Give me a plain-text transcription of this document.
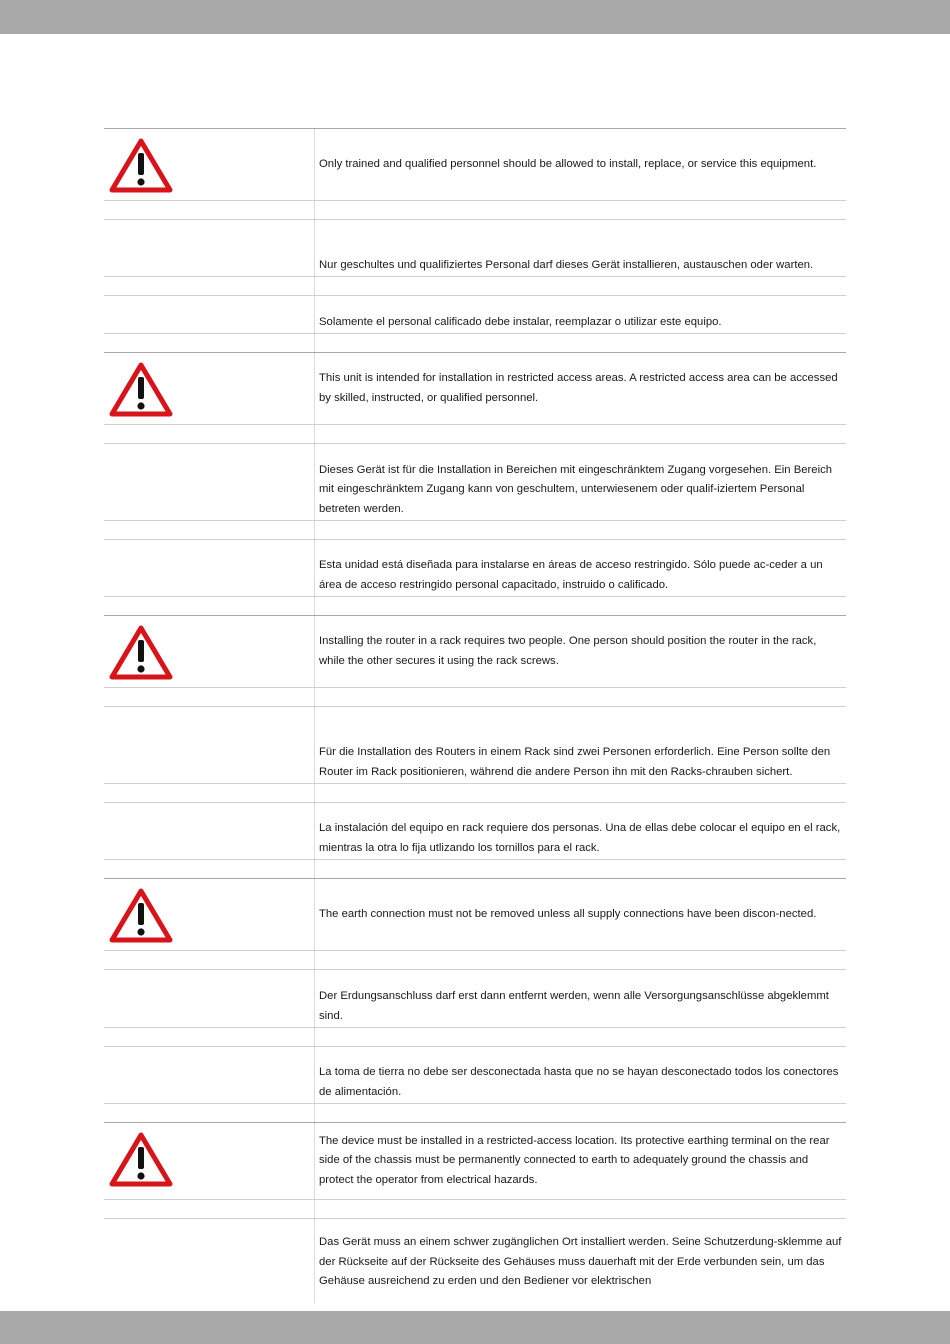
Only trained and qualified personnel should be allowed to install, replace, or service this equipment.
Nur geschultes und qualifiziertes Personal darf dieses Gerät installieren, austauschen oder warten.
Solamente el personal calificado debe instalar, reemplazar o utilizar este equipo.
This unit is intended for installation in restricted access areas. A restricted access area can be accessed by skilled, instructed, or qualified personnel.
Dieses Gerät ist für die Installation in Bereichen mit eingeschränktem Zugang vorgesehen. Ein Bereich mit eingeschränktem Zugang kann von geschultem, unterwiesenem oder qualif-iziertem Personal betreten werden.
Esta unidad está diseñada para instalarse en áreas de acceso restringido. Sólo puede ac-ceder a un área de acceso restringido personal capacitado, instruido o calificado.
Installing the router in a rack requires two people. One person should position the router in the rack, while the other secures it using the rack screws.
Für die Installation des Routers in einem Rack sind zwei Personen erforderlich. Eine Person sollte den Router im Rack positionieren, während die andere Person ihn mit den Racks-chrauben sichert.
La instalación del equipo en rack requiere dos personas. Una de ellas debe colocar el equipo en el rack, mientras la otra lo fija utlizando los tornillos para el rack.
The earth connection must not be removed unless all supply connections have been discon-nected.
Der Erdungsanschluss darf erst dann entfernt werden, wenn alle Versorgungsanschlüsse abgeklemmt sind.
La toma de tierra no debe ser desconectada hasta que no se hayan desconectado todos los conectores de alimentación.
The device must be installed in a restricted-access location. Its protective earthing terminal on the rear side of the chassis must be permanently connected to earth to adequately ground the chassis and protect the operator from electrical hazards.
Das Gerät muss an einem schwer zugänglichen Ort installiert werden. Seine Schutzerdung-sklemme auf der Rückseite auf der Rückseite des Gehäuses muss dauerhaft mit der Erde verbunden sein, um das Gehäuse ausreichend zu erden und den Bediener vor elektrischen
